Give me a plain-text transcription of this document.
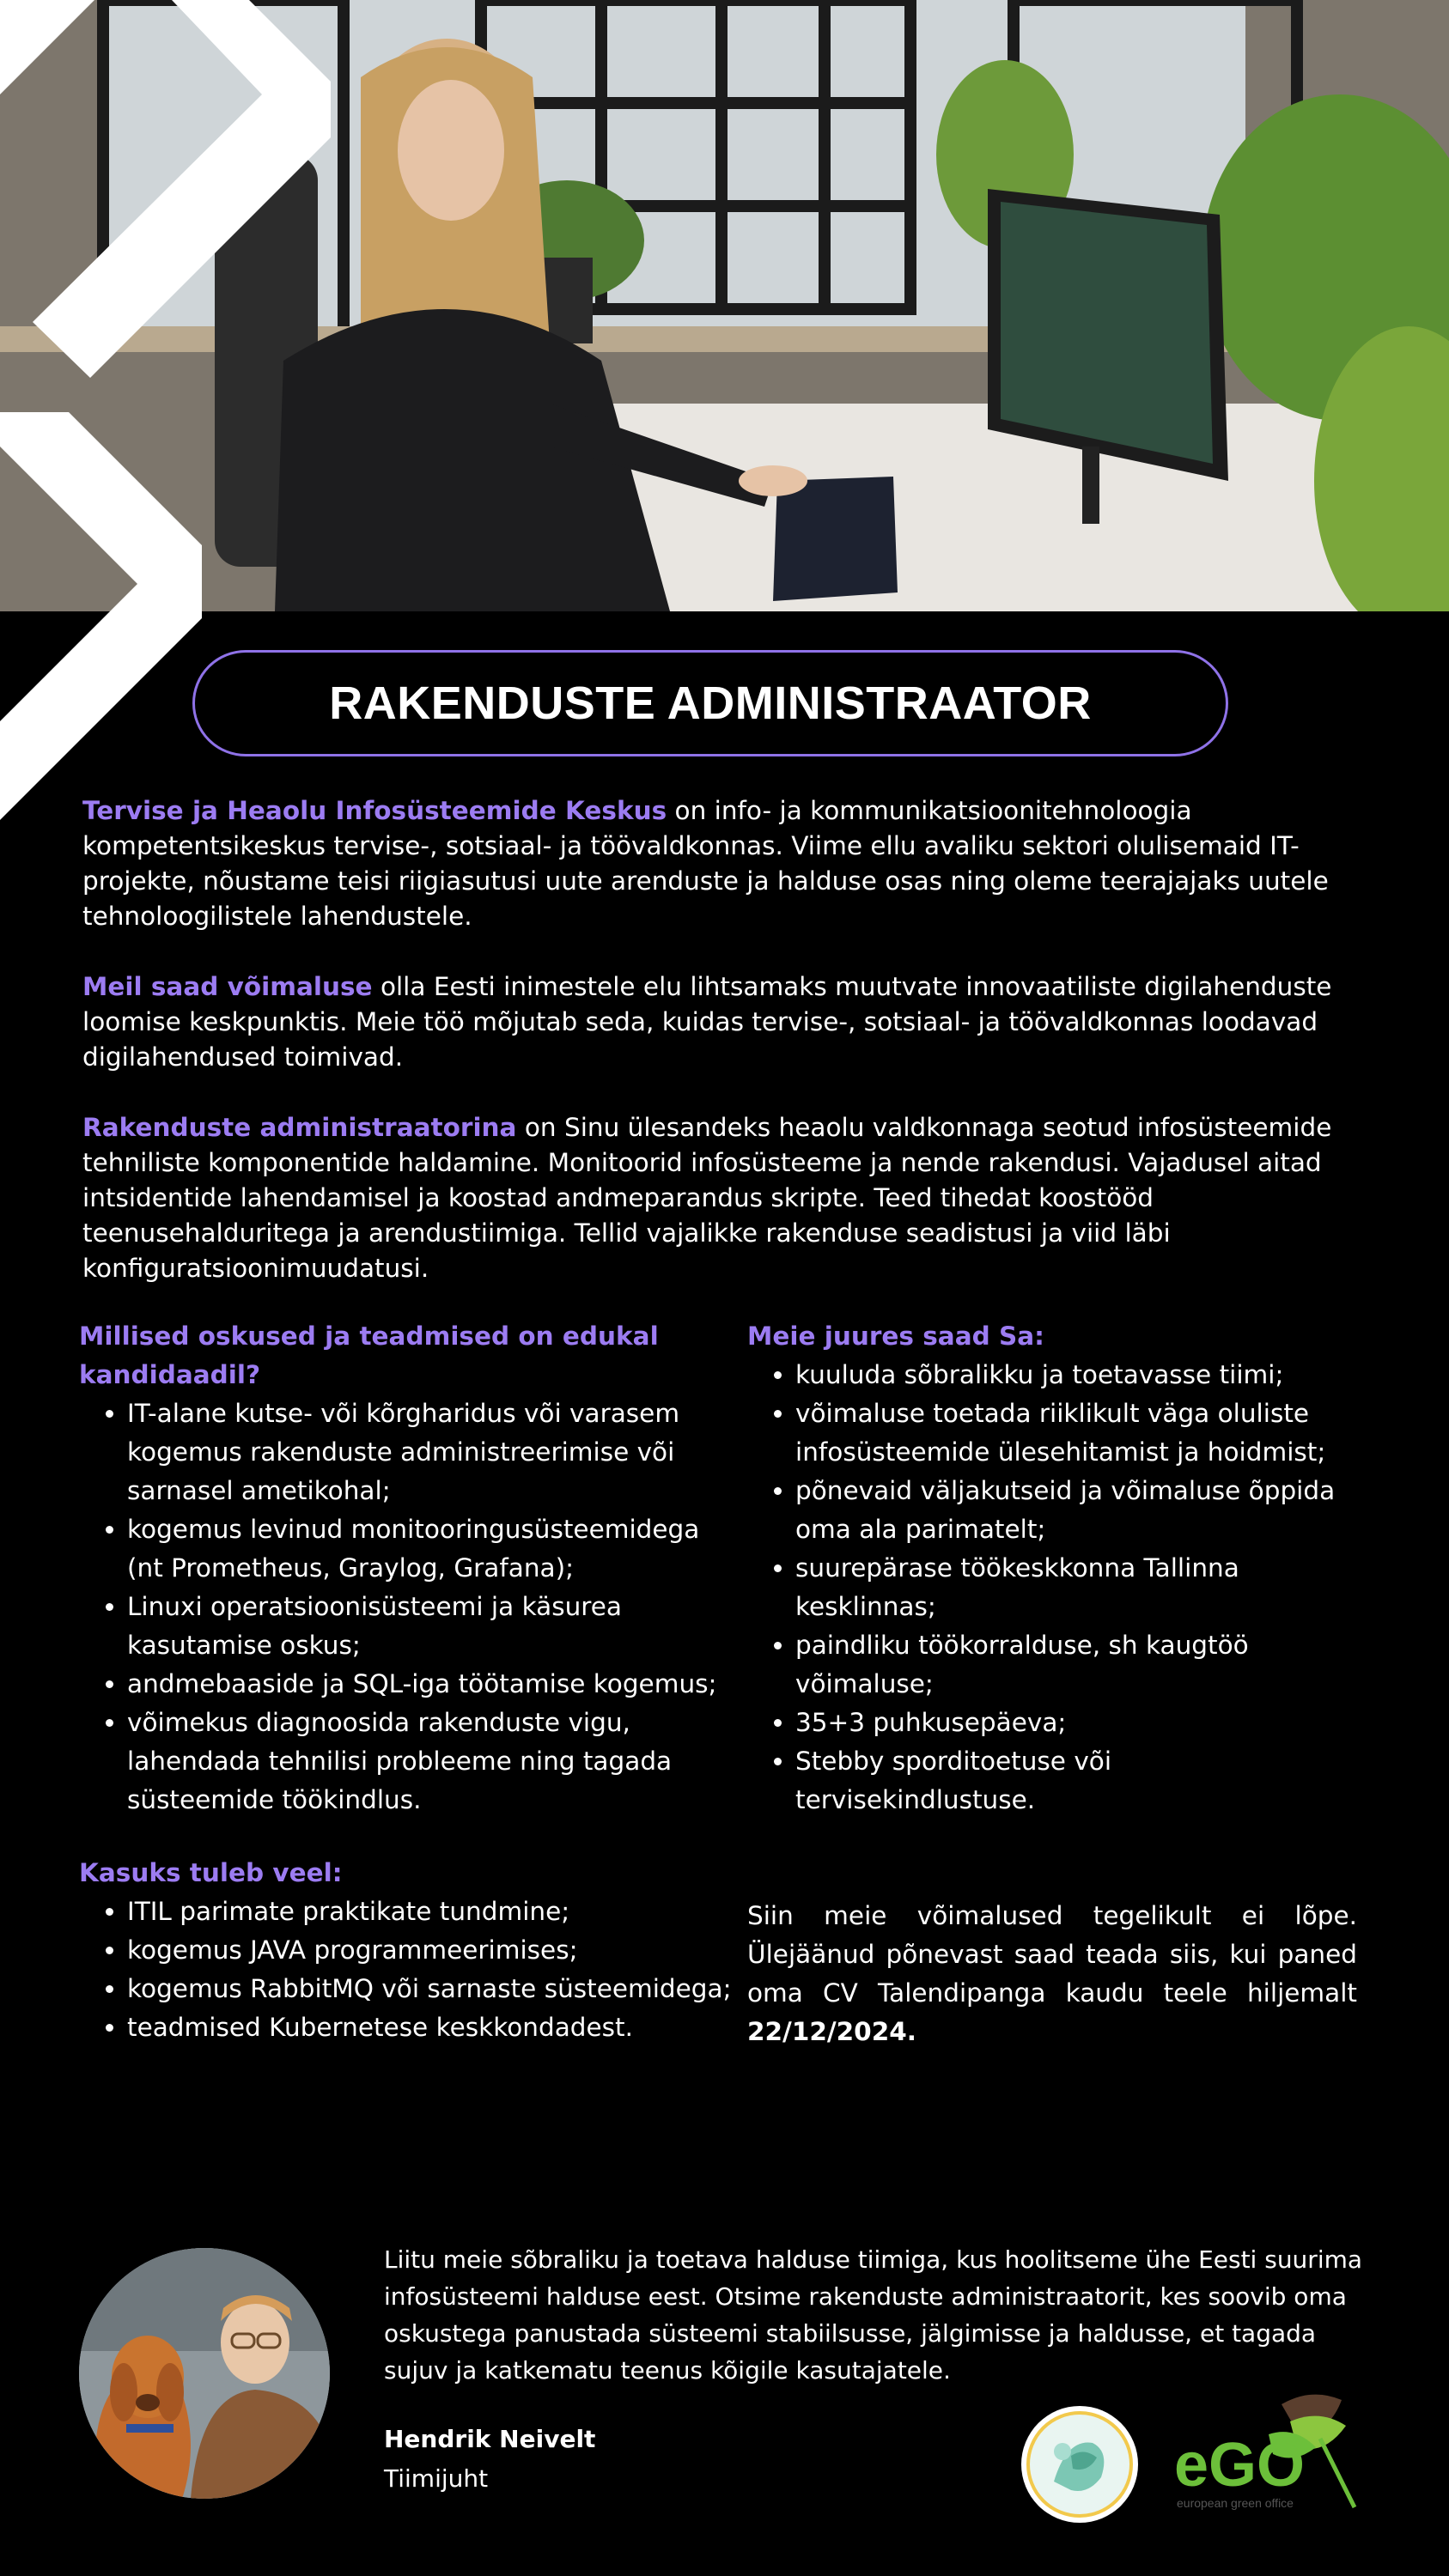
RAKENDUSTE ADMINISTRAATOR

Tervise ja Heaolu Infosüsteemide Keskus on info- ja kommunikatsioonitehnoloogia kompetentsikeskus tervise-, sotsiaal- ja töövaldkonnas. Viime ellu avaliku sektori olulisemaid IT-projekte, nõustame teisi riigiasutusi uute arenduste ja halduse osas ning oleme teerajajaks uutele tehnoloogilistele lahendustele.

Meil saad võimaluse olla Eesti inimestele elu lihtsamaks muutvate innovaatiliste digilahenduste loomise keskpunktis. Meie töö mõjutab seda, kuidas tervise-, sotsiaal- ja töövaldkonnas loodavad digilahendused toimivad.

Rakenduste administraatorina on Sinu ülesandeks heaolu valdkonnaga seotud infosüsteemide tehniliste komponentide haldamine. Monitoorid infosüsteeme ja nende rakendusi. Vajadusel aitad intsidentide lahendamisel ja koostad andmeparandus skripte. Teed tihedat koostööd teenusehalduritega ja arendustiimiga. Tellid vajalikke rakenduse seadistusi ja viid läbi konfiguratsioonimuudatusi.

Millised oskused ja teadmised on edukal kandidaadil?

• IT-alane kutse- või kõrgharidus või varasem kogemus rakenduste administreerimise või sarnasel ametikohal;
• kogemus levinud monitooringusüsteemidega (nt Prometheus, Graylog, Grafana);
• Linuxi operatsioonisüsteemi ja käsurea kasutamise oskus;
• andmebaaside ja SQL-iga töötamise kogemus;
• võimekus diagnoosida rakenduste vigu, lahendada tehnilisi probleeme ning tagada süsteemide töökindlus.

Kasuks tuleb veel:

• ITIL parimate praktikate tundmine;
• kogemus JAVA programmeerimises;
• kogemus RabbitMQ või sarnaste süsteemidega;
• teadmised Kubernetese keskkondadest.

Meie juures saad Sa:

• kuuluda sõbralikku ja toetavasse tiimi;
• võimaluse toetada riiklikult väga oluliste infosüsteemide ülesehitamist ja hoidmist;
• põnevaid väljakutseid ja võimaluse õppida oma ala parimatelt;
• suurepärase töökeskkonna Tallinna kesklinnas;
• paindliku töökorralduse, sh kaugtöö võimaluse;
• 35+3 puhkusepäeva;
• Stebby sporditoetuse või tervisekindlustuse.

Siin meie võimalused tegelikult ei lõpe. Ülejäänud põnevast saad teada siis, kui paned oma CV Talendipanga kaudu teele hiljemalt 22/12/2024.

Liitu meie sõbraliku ja toetava halduse tiimiga, kus hoolitseme ühe Eesti suurima infosüsteemi halduse eest. Otsime rakenduste administraatorit, kes soovib oma oskustega panustada süsteemi stabiilsusse, jälgimisse ja haldusse, et tagada sujuv ja katkematu teenus kõigile kasutajatele.
Hendrik Neivelt
Tiimijuht	eGO
european green office
